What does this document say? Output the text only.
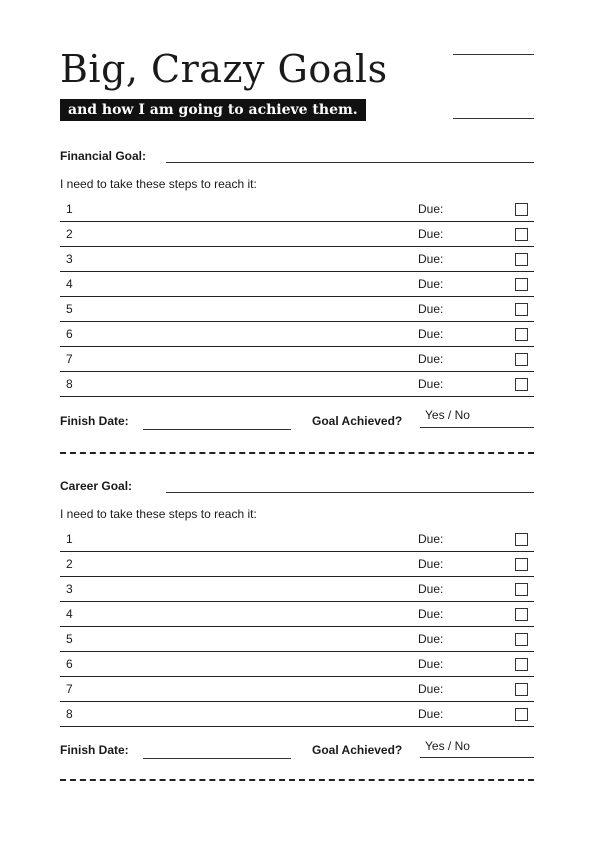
Big, Crazy Goals
and how I am going to achieve them.
Financial Goal:
I need to take these steps to reach it:
1	Due:
2	Due:
3	Due:
4	Due:
5	Due:
6	Due:
7	Due:
8	Due:
Finish Date:	Goal Achieved? Yes / No
Career Goal:
I need to take these steps to reach it:
1	Due:
2	Due:
3	Due:
4	Due:
5	Due:
6	Due:
7	Due:
8	Due:
Finish Date:	Goal Achieved? Yes / No
